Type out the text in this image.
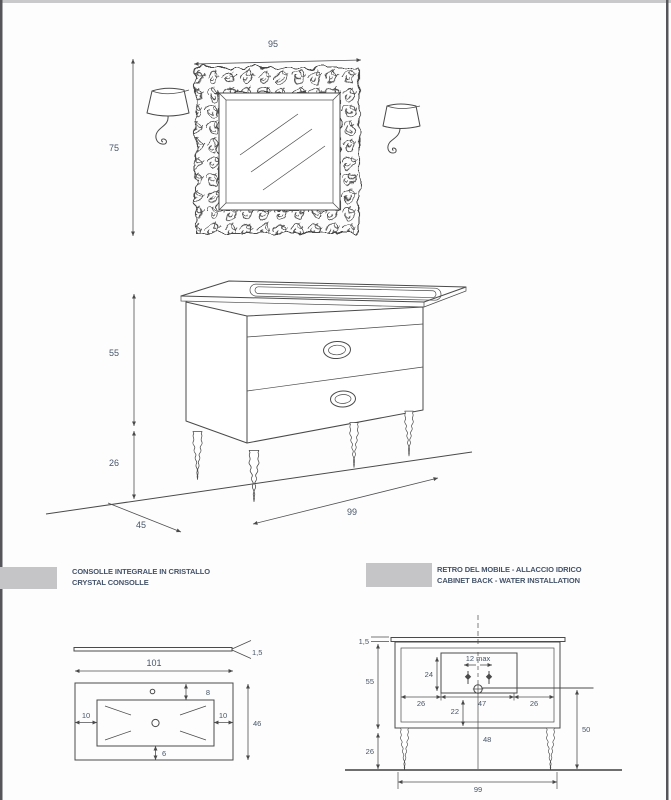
95
75
55
26
45
99
1,5
101
8
10	10
6
46
1,5
12 max
26	47	26
24
22
55
26
50
48
99
CONSOLLE INTEGRALE IN CRISTALLO
CRYSTAL CONSOLLE
RETRO DEL MOBILE - ALLACCIO IDRICO
CABINET BACK - WATER INSTALLATION
